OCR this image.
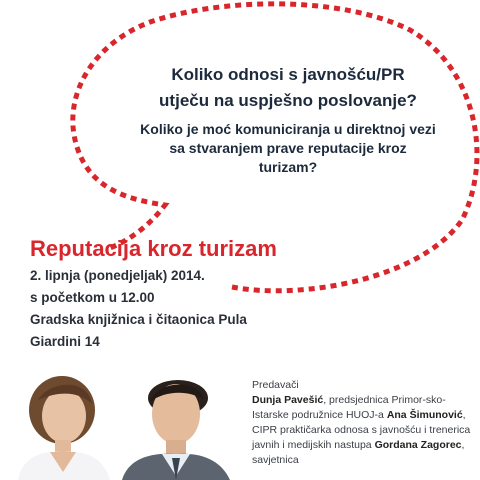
Koliko odnosi s javnošću/PR
utječu na uspješno poslovanje?
Koliko je moć komuniciranja u direktnoj vezi
sa stvaranjem prave reputacije kroz
turizam?
Reputacija kroz turizam
2. lipnja (ponedjeljak) 2014.
s početkom u 12.00
Gradska knjižnica i čitaonica Pula
Giardini 14
Predavači
Dunja Pavešić, predsjednica Primor-sko-Istarske podružnice HUOJ-a Ana Šimunović, CIPR praktičarka odnosa s javnošću i trenerica javnih i medijskih nastupa Gordana Zagorec, savjetnica
